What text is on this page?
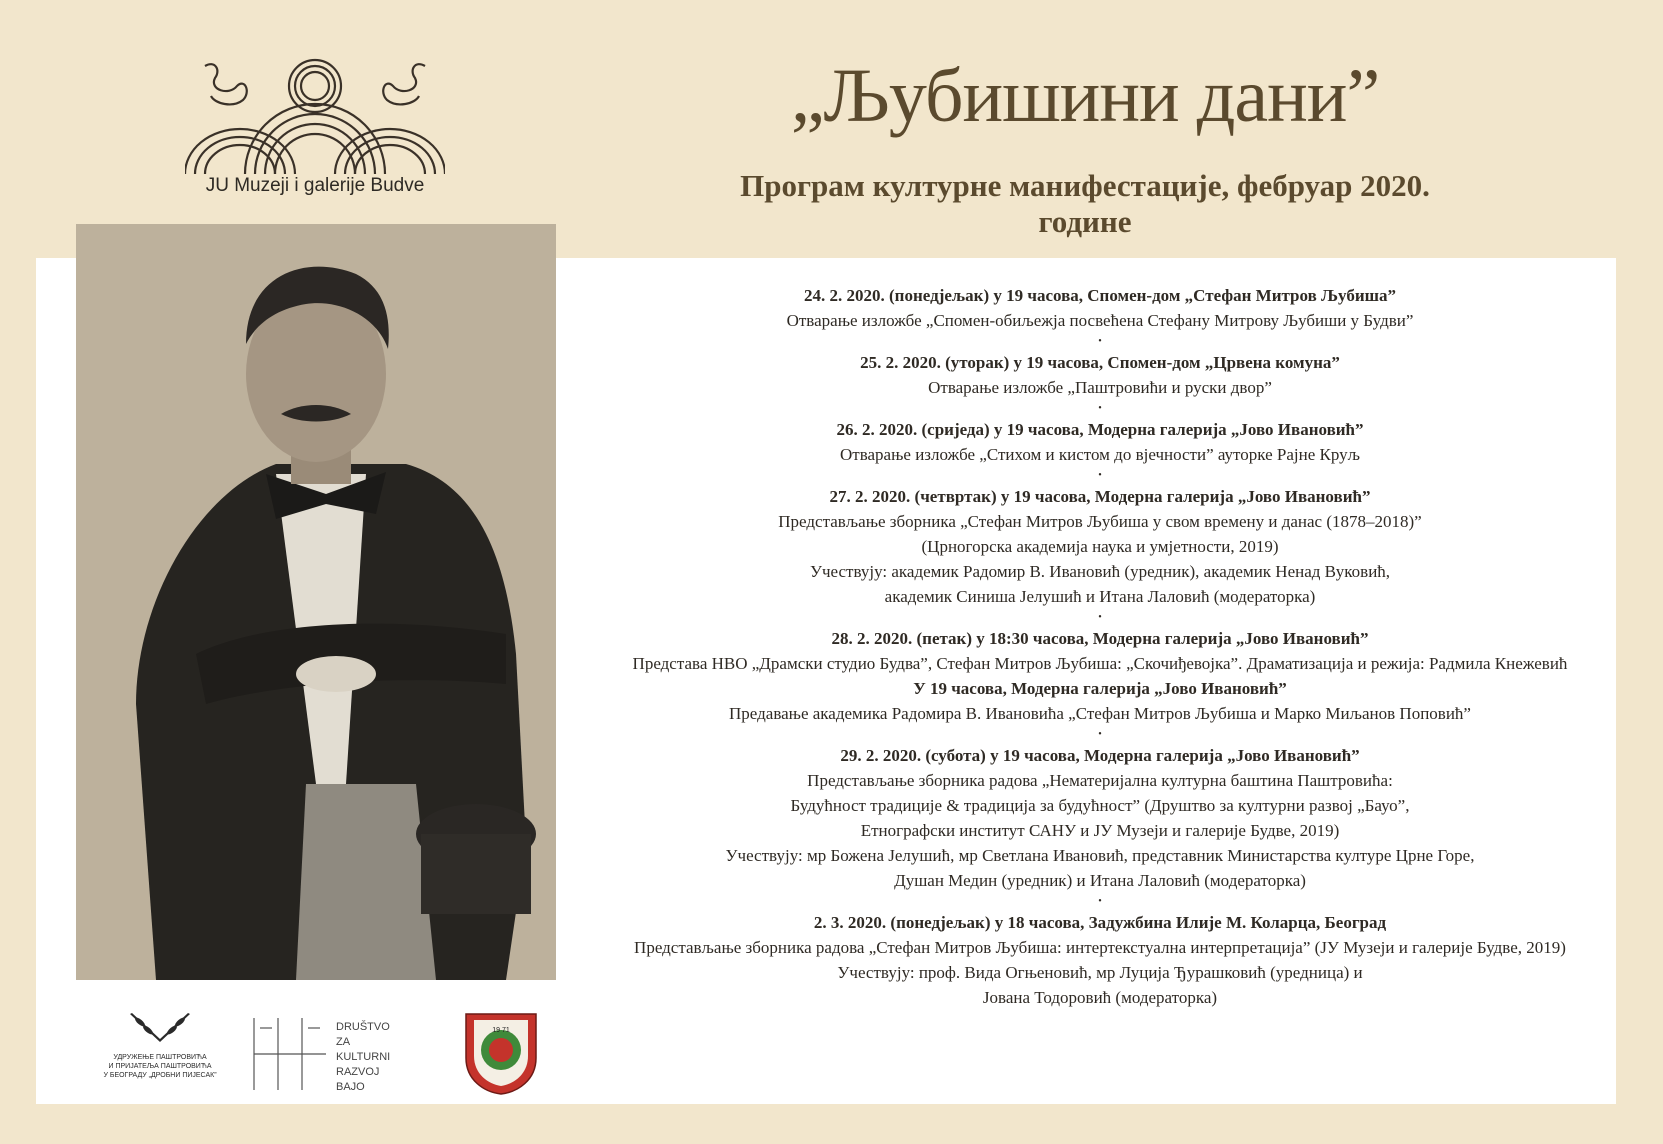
JU Muzeji i galerije Budve
„Љубишини дани”
Програм културне манифестације, фебруар 2020. године
24. 2. 2020. (понедјељак) у 19 часова, Спомен-дом „Стефан Митров Љубиша”
Отварање изложбе „Спомен-обиљежја посвећена Стефану Митрову Љубиши у Будви”
•
25. 2. 2020. (уторак) у 19 часова, Спомен-дом „Црвена комуна”
Отварање изложбе „Паштровићи и руски двор”
•
26. 2. 2020. (сриједа) у 19 часова, Модерна галерија „Јово Ивановић”
Отварање изложбе „Стихом и кистом до вјечности” ауторке Рајне Круљ
•
27. 2. 2020. (четвртак) у 19 часова, Модерна галерија „Јово Ивановић”
Представљање зборника „Стефан Митров Љубиша у свом времену и данас (1878–2018)”
(Црногорска академија наука и умјетности, 2019)
Учествују: академик Радомир В. Ивановић (уредник), академик Ненад Вуковић,
академик Синиша Јелушић и Итана Лаловић (модераторка)
•
28. 2. 2020. (петак) у 18:30 часова, Модерна галерија „Јово Ивановић”
Представа НВО „Драмски студио Будва”, Стефан Митров Љубиша: „Скочиђевојка”. Драматизација и режија: Радмила Кнежевић
У 19 часова, Модерна галерија „Јово Ивановић”
Предавање академика Радомира В. Ивановића „Стефан Митров Љубиша и Марко Миљанов Поповић”
•
29. 2. 2020. (субота) у 19 часова, Модерна галерија „Јово Ивановић”
Представљање зборника радова „Нематеријална културна баштина Паштровића:
Будућност традиције & традиција за будућност” (Друштво за културни развој „Бауо”,
Етнографски институт САНУ и ЈУ Музеји и галерије Будве, 2019)
Учествују: мр Божена Јелушић, мр Светлана Ивановић, представник Министарства културе Црне Горе,
Душан Медин (уредник) и Итана Лаловић (модераторка)
•
2. 3. 2020. (понедјељак) у 18 часова, Задужбина Илије М. Коларца, Београд
Представљање зборника радова „Стефан Митров Љубиша: интертекстуална интерпретација” (ЈУ Музеји и галерије Будве, 2019)
Учествују: проф. Вида Огњеновић, мр Луција Ђурашковић (уредница) и
Јована Тодоровић (модераторка)
УДРУЖЕЊЕ ПАШТРОВИЋА
И ПРИЈАТЕЉА ПАШТРОВИЋА
У БЕОГРАДУ „ДРОБНИ ПИЈЕСАК”
DRUŠTVO
ZA
KULTURNI
RAZVOJ
BAJO
19 71
